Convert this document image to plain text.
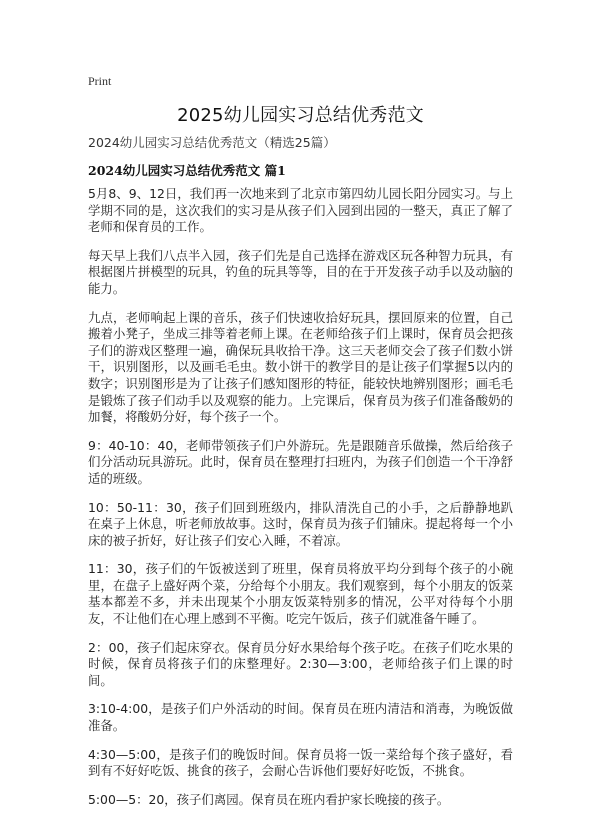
Print
2025幼儿园实习总结优秀范文
2024幼儿园实习总结优秀范文（精选25篇）
2024幼儿园实习总结优秀范文 篇1

5月8、9、12日，我们再一次地来到了北京市第四幼儿园长阳分园实习。与上学期不同的是，这次我们的实习是从孩子们入园到出园的一整天，真正了解了老师和保育员的工作。

每天早上我们八点半入园，孩子们先是自己选择在游戏区玩各种智力玩具，有根据图片拼模型的玩具，钓鱼的玩具等等，目的在于开发孩子动手以及动脑的能力。

九点，老师响起上课的音乐，孩子们快速收拾好玩具，摆回原来的位置，自己搬着小凳子，坐成三排等着老师上课。在老师给孩子们上课时，保育员会把孩子们的游戏区整理一遍，确保玩具收拾干净。这三天老师交会了孩子们数小饼干，识别图形，以及画毛毛虫。数小饼干的教学目的是让孩子们掌握5以内的数字；识别图形是为了让孩子们感知图形的特征，能较快地辨别图形；画毛毛是锻炼了孩子们动手以及观察的能力。上完课后，保育员为孩子们准备酸奶的加餐，将酸奶分好，每个孩子一个。

9：40-10：40，老师带领孩子们户外游玩。先是跟随音乐做操，然后给孩子们分活动玩具游玩。此时，保育员在整理打扫班内，为孩子们创造一个干净舒适的班级。

10：50-11：30，孩子们回到班级内，排队清洗自己的小手，之后静静地趴在桌子上休息，听老师放故事。这时，保育员为孩子们铺床。提起将每一个小床的被子折好，好让孩子们安心入睡，不着凉。

11：30，孩子们的午饭被送到了班里，保育员将放平均分到每个孩子的小碗里，在盘子上盛好两个菜，分给每个小朋友。我们观察到，每个小朋友的饭菜基本都差不多，并未出现某个小朋友饭菜特别多的情况，公平对待每个小朋友，不让他们在心理上感到不平衡。吃完午饭后，孩子们就准备午睡了。

2：00，孩子们起床穿衣。保育员分好水果给每个孩子吃。在孩子们吃水果的时候，保育员将孩子们的床整理好。2:30—3:00，老师给孩子们上课的时间。

3:10-4:00，是孩子们户外活动的时间。保育员在班内清洁和消毒，为晚饭做准备。

4:30—5:00，是孩子们的晚饭时间。保育员将一饭一菜给每个孩子盛好，看到有不好好吃饭、挑食的孩子，会耐心告诉他们要好好吃饭，不挑食。

5:00—5：20，孩子们离园。保育员在班内看护家长晚接的孩子。
